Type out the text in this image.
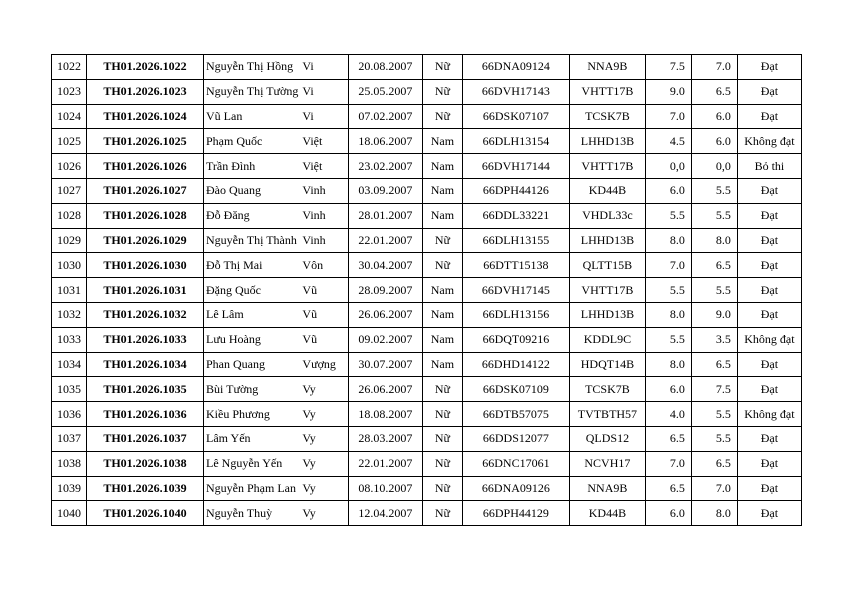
1022	TH01.2026.1022	Nguyễn Thị Hồng	Vi	20.08.2007	Nữ	66DNA09124	NNA9B	7.5	7.0	Đạt
1023	TH01.2026.1023	Nguyễn Thị Tường	Vi	25.05.2007	Nữ	66DVH17143	VHTT17B	9.0	6.5	Đạt
1024	TH01.2026.1024	Vũ Lan	Vi	07.02.2007	Nữ	66DSK07107	TCSK7B	7.0	6.0	Đạt
1025	TH01.2026.1025	Phạm Quốc	Việt	18.06.2007	Nam	66DLH13154	LHHD13B	4.5	6.0	Không đạt
1026	TH01.2026.1026	Trần Đình	Việt	23.02.2007	Nam	66DVH17144	VHTT17B	0,0	0,0	Bỏ thi
1027	TH01.2026.1027	Đào Quang	Vinh	03.09.2007	Nam	66DPH44126	KD44B	6.0	5.5	Đạt
1028	TH01.2026.1028	Đỗ Đăng	Vinh	28.01.2007	Nam	66DDL33221	VHDL33c	5.5	5.5	Đạt
1029	TH01.2026.1029	Nguyễn Thị Thành	Vinh	22.01.2007	Nữ	66DLH13155	LHHD13B	8.0	8.0	Đạt
1030	TH01.2026.1030	Đỗ Thị Mai	Vôn	30.04.2007	Nữ	66DTT15138	QLTT15B	7.0	6.5	Đạt
1031	TH01.2026.1031	Đặng Quốc	Vũ	28.09.2007	Nam	66DVH17145	VHTT17B	5.5	5.5	Đạt
1032	TH01.2026.1032	Lê Lâm	Vũ	26.06.2007	Nam	66DLH13156	LHHD13B	8.0	9.0	Đạt
1033	TH01.2026.1033	Lưu Hoàng	Vũ	09.02.2007	Nam	66DQT09216	KDDL9C	5.5	3.5	Không đạt
1034	TH01.2026.1034	Phan Quang	Vượng	30.07.2007	Nam	66DHD14122	HDQT14B	8.0	6.5	Đạt
1035	TH01.2026.1035	Bùi Tường	Vy	26.06.2007	Nữ	66DSK07109	TCSK7B	6.0	7.5	Đạt
1036	TH01.2026.1036	Kiều Phương	Vy	18.08.2007	Nữ	66DTB57075	TVTBTH57	4.0	5.5	Không đạt
1037	TH01.2026.1037	Lâm Yến	Vy	28.03.2007	Nữ	66DDS12077	QLDS12	6.5	5.5	Đạt
1038	TH01.2026.1038	Lê Nguyễn Yến	Vy	22.01.2007	Nữ	66DNC17061	NCVH17	7.0	6.5	Đạt
1039	TH01.2026.1039	Nguyễn Phạm Lan	Vy	08.10.2007	Nữ	66DNA09126	NNA9B	6.5	7.0	Đạt
1040	TH01.2026.1040	Nguyễn Thuỳ	Vy	12.04.2007	Nữ	66DPH44129	KD44B	6.0	8.0	Đạt
